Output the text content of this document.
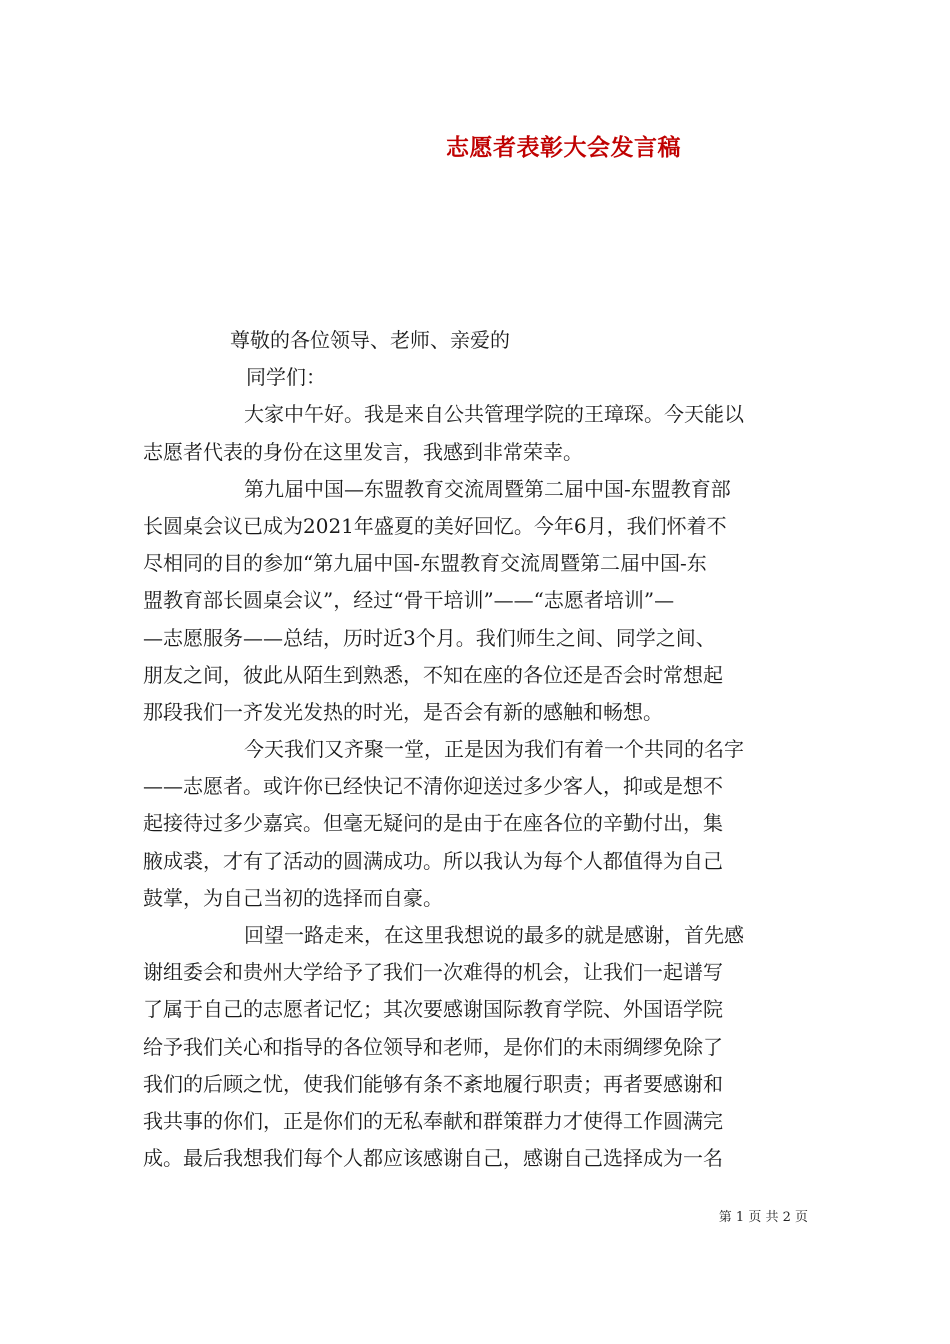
志愿者表彰大会发言稿
尊敬的各位领导、老师、亲爱的
同学们：
大家中午好。我是来自公共管理学院的王璋琛。今天能以
志愿者代表的身份在这里发言，我感到非常荣幸。
第九届中国—东盟教育交流周暨第二届中国-东盟教育部
长圆桌会议已成为2021年盛夏的美好回忆。今年6月，我们怀着不
尽相同的目的参加“第九届中国-东盟教育交流周暨第二届中国-东
盟教育部长圆桌会议”，经过“骨干培训”——“志愿者培训”—
—志愿服务——总结，历时近3个月。我们师生之间、同学之间、
朋友之间，彼此从陌生到熟悉，不知在座的各位还是否会时常想起
那段我们一齐发光发热的时光，是否会有新的感触和畅想。
今天我们又齐聚一堂，正是因为我们有着一个共同的名字
——志愿者。或许你已经快记不清你迎送过多少客人，抑或是想不
起接待过多少嘉宾。但毫无疑问的是由于在座各位的辛勤付出，集
腋成裘，才有了活动的圆满成功。所以我认为每个人都值得为自己
鼓掌，为自己当初的选择而自豪。
回望一路走来，在这里我想说的最多的就是感谢，首先感
谢组委会和贵州大学给予了我们一次难得的机会，让我们一起谱写
了属于自己的志愿者记忆；其次要感谢国际教育学院、外国语学院
给予我们关心和指导的各位领导和老师，是你们的未雨绸缪免除了
我们的后顾之忧，使我们能够有条不紊地履行职责；再者要感谢和
我共事的你们，正是你们的无私奉献和群策群力才使得工作圆满完
成。最后我想我们每个人都应该感谢自己，感谢自己选择成为一名
第 1 页 共 2 页
